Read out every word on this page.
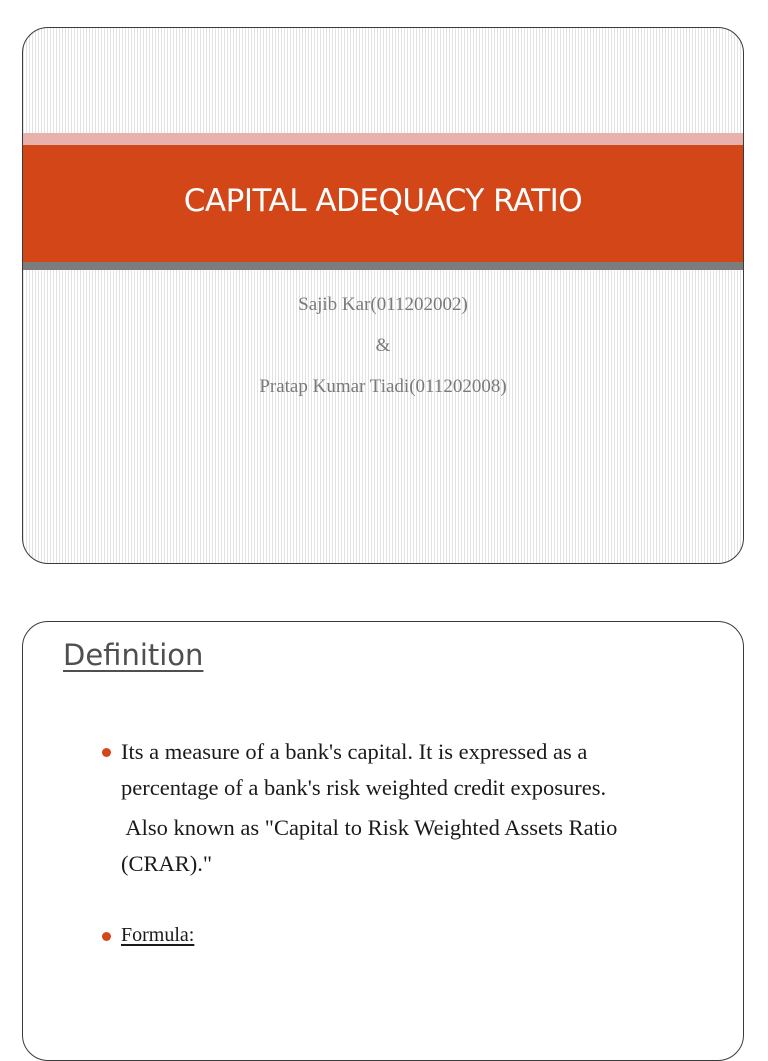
CAPITAL ADEQUACY RATIO
Sajib Kar(011202002)
&
Pratap Kumar Tiadi(011202008)
Definition
Its a measure of a bank's capital. It is expressed as a
percentage of a bank's risk weighted credit exposures.
Also known as "Capital to Risk Weighted Assets Ratio
(CRAR)."
Formula:
